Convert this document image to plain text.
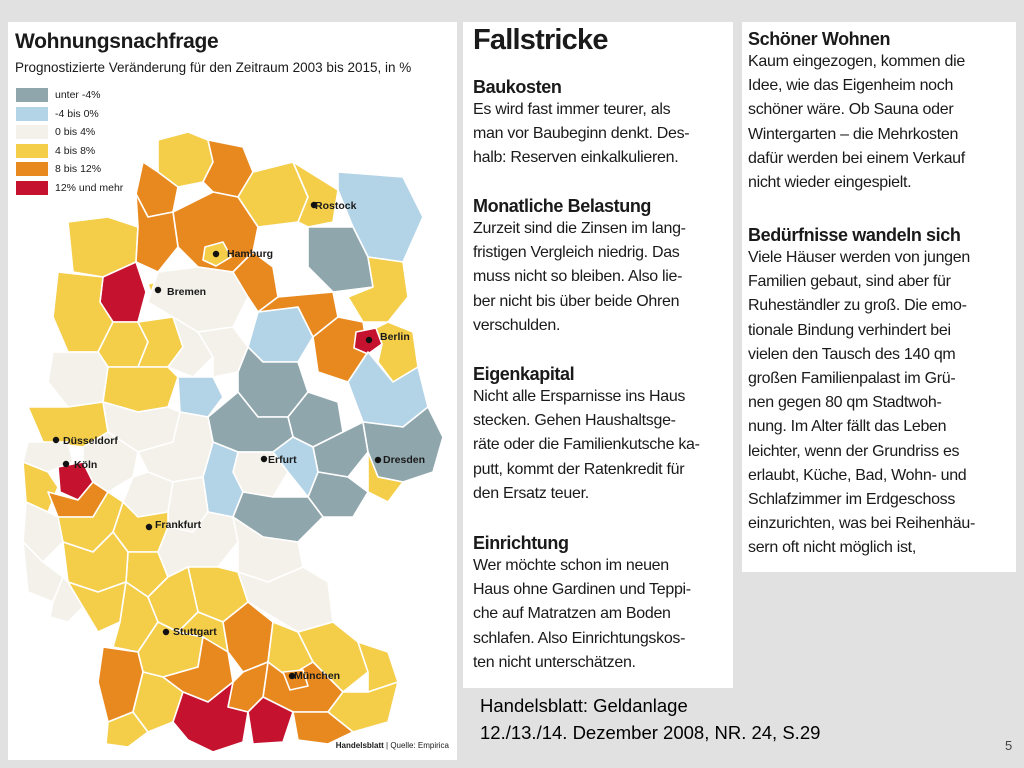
Rostock
Hamburg
Bremen
Berlin
Düsseldorf
Köln	Erfurt	Dresden
Frankfurt
Stuttgart
München
Wohnungsnachfrage
Prognostizierte Veränderung für den Zeitraum 2003 bis 2015, in %
unter -4%
-4 bis 0%
0 bis 4%
4 bis 8%
8 bis 12%
12% und mehr
Handelsblatt | Quelle: Empirica
Fallstricke
Baukosten
Es wird fast immer teurer, als
man vor Baubeginn denkt. Des-
halb: Reserven einkalkulieren.
Monatliche Belastung
Zurzeit sind die Zinsen im lang-
fristigen Vergleich niedrig. Das
muss nicht so bleiben. Also lie-
ber nicht bis über beide Ohren
verschulden.
Eigenkapital
Nicht alle Ersparnisse ins Haus
stecken. Gehen Haushaltsge-
räte oder die Familienkutsche ka-
putt, kommt der Ratenkredit für
den Ersatz teuer.
Einrichtung
Wer möchte schon im neuen
Haus ohne Gardinen und Teppi-
che auf Matratzen am Boden
schlafen. Also Einrichtungskos-
ten nicht unterschätzen.
Schöner Wohnen
Kaum eingezogen, kommen die
Idee, wie das Eigenheim noch
schöner wäre. Ob Sauna oder
Wintergarten – die Mehrkosten
dafür werden bei einem Verkauf
nicht wieder eingespielt.
Bedürfnisse wandeln sich
Viele Häuser werden von jungen
Familien gebaut, sind aber für
Ruheständler zu groß. Die emo-
tionale Bindung verhindert bei
vielen den Tausch des 140 qm
großen Familienpalast im Grü-
nen gegen 80 qm Stadtwoh-
nung. Im Alter fällt das Leben
leichter, wenn der Grundriss es
erlaubt, Küche, Bad, Wohn- und
Schlafzimmer im Erdgeschoss
einzurichten, was bei Reihenhäu-
sern oft nicht möglich ist,
Handelsblatt: Geldanlage
12./13./14. Dezember 2008, NR. 24, S.29
5
